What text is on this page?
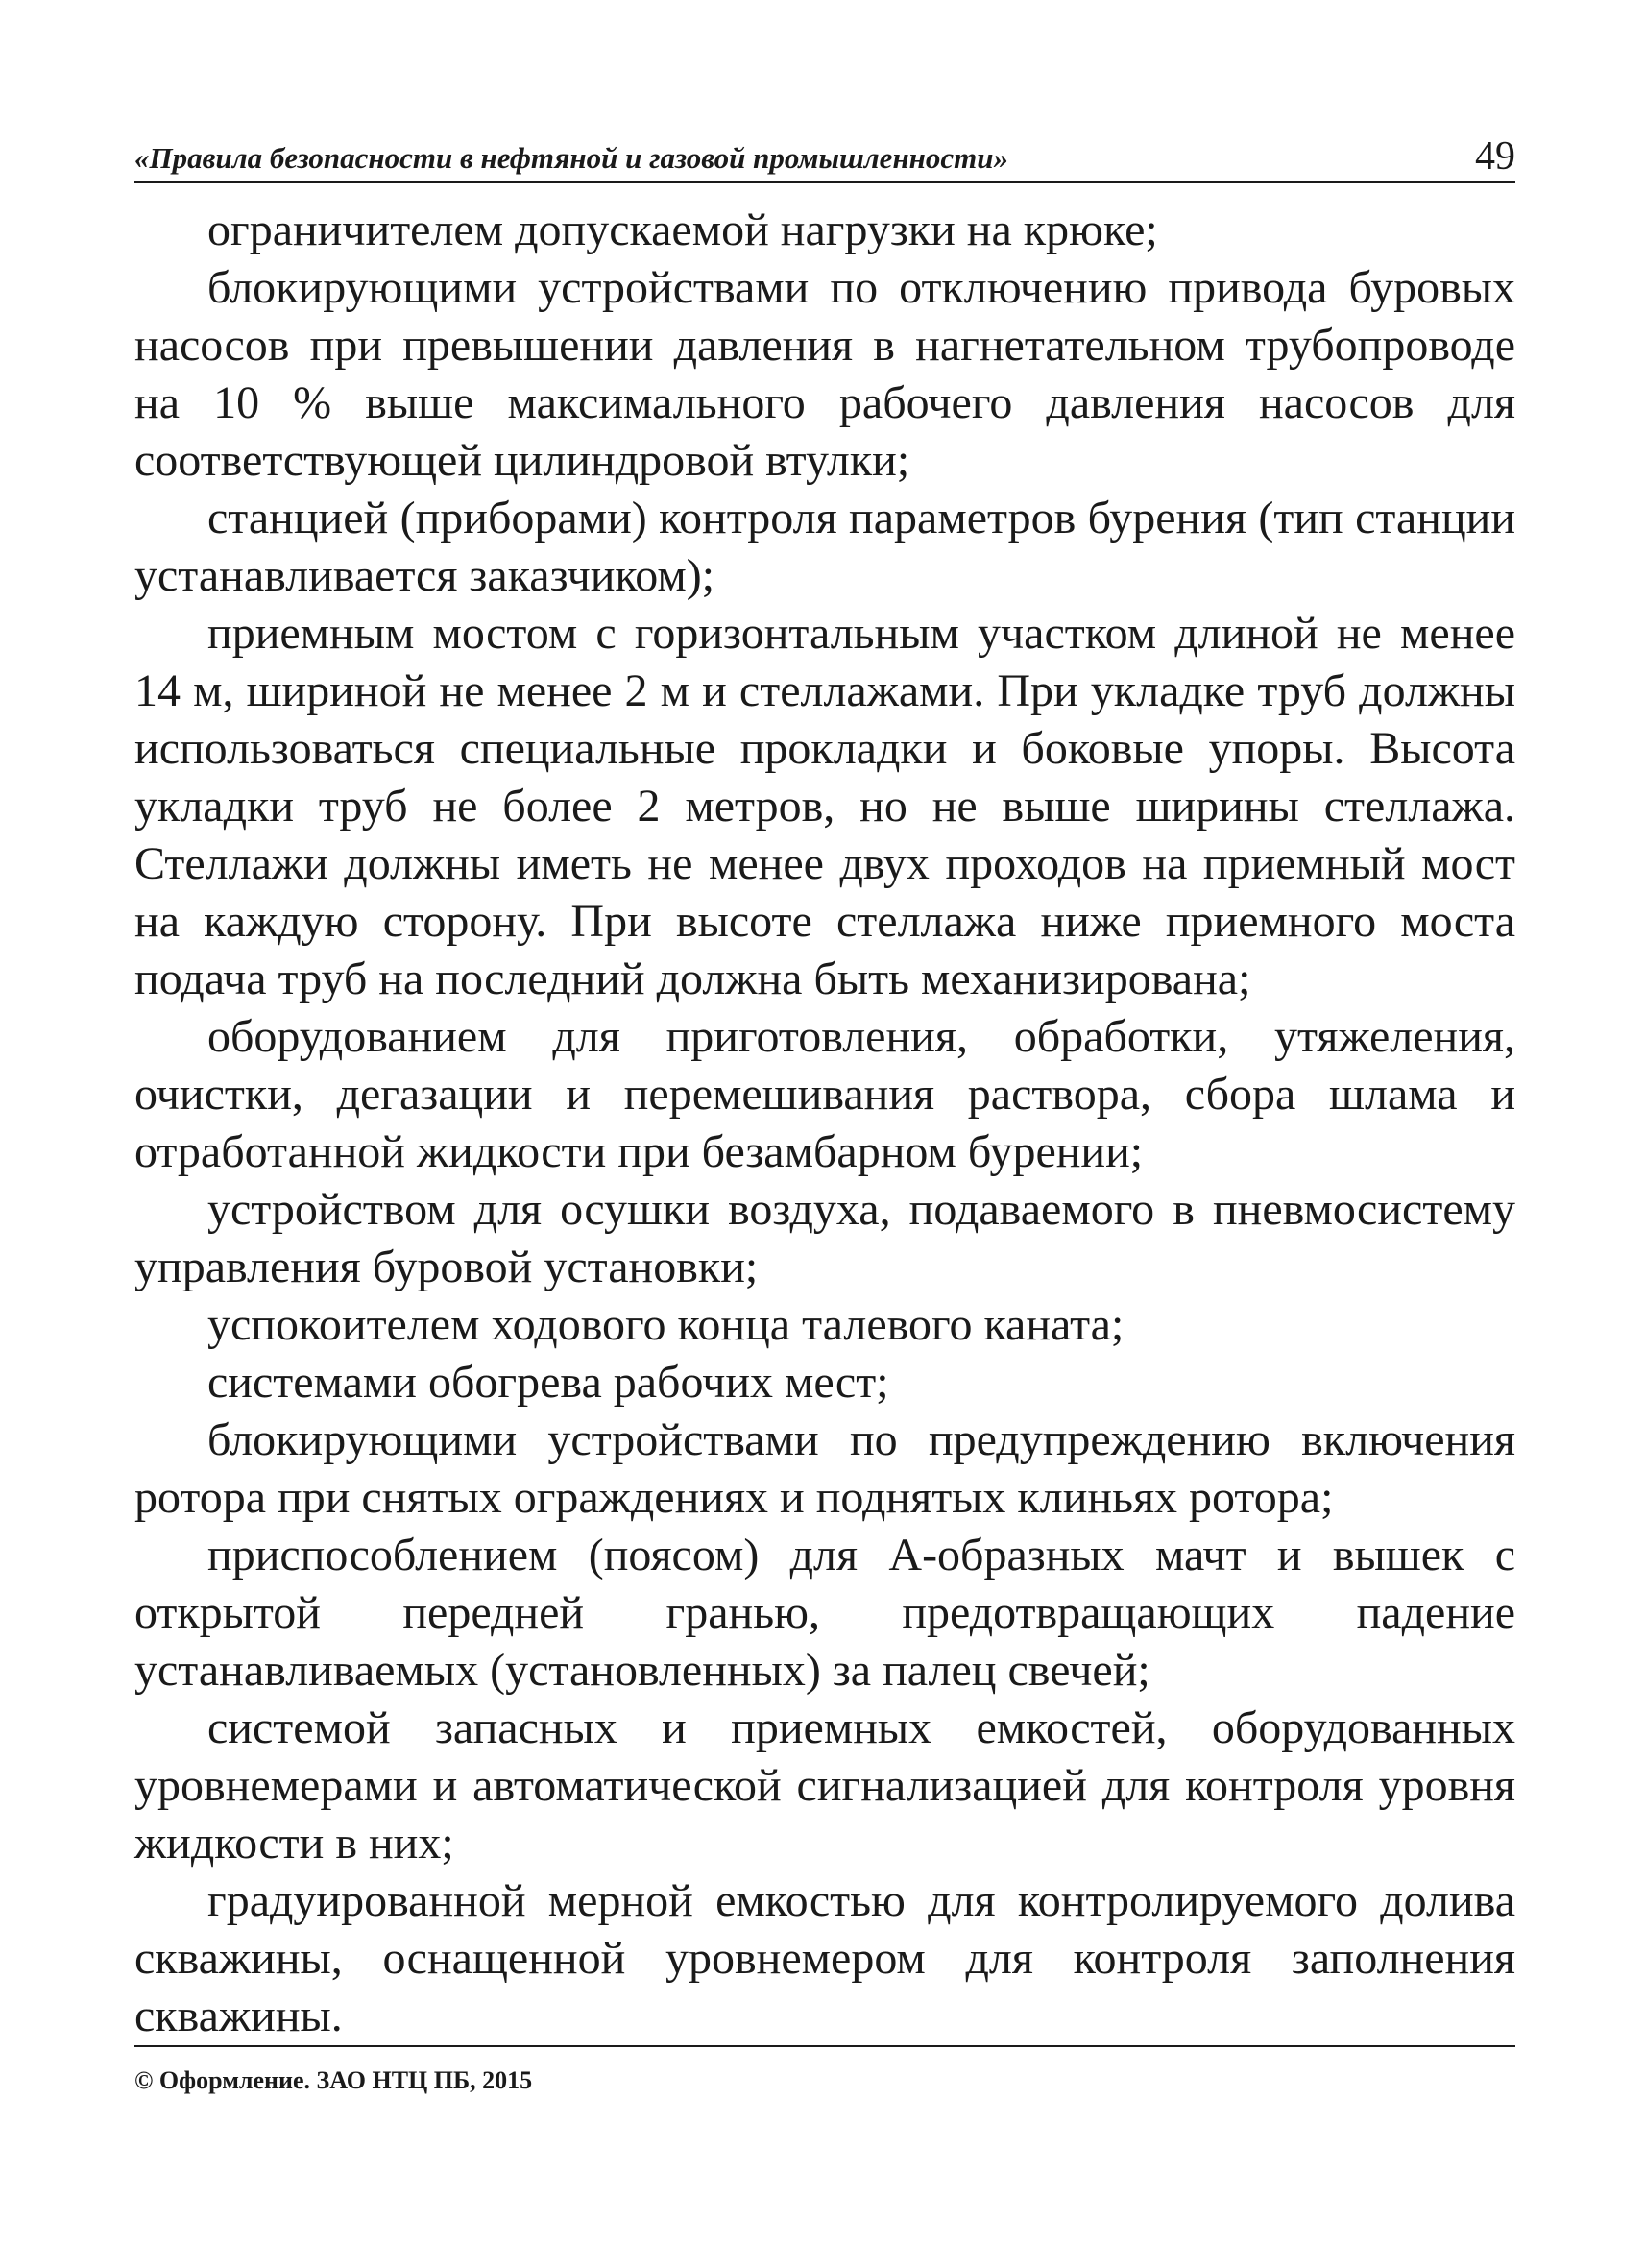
«Правила безопасности в нефтяной и газовой промышленности»	49

ограничителем допускаемой нагрузки на крюке;

блокирующими устройствами по отключению привода буровых насосов при превышении давления в нагнетательном трубопроводе на 10 % выше максимального рабочего давления насосов для соответствующей цилиндровой втулки;

станцией (приборами) контроля параметров бурения (тип станции устанавливается заказчиком);

приемным мостом с горизонтальным участком длиной не менее 14 м, шириной не менее 2 м и стеллажами. При укладке труб должны использоваться специальные прокладки и боковые упоры. Высота укладки труб не более 2 метров, но не выше ширины стеллажа. Стеллажи должны иметь не менее двух проходов на приемный мост на каждую сторону. При высоте стеллажа ниже приемного моста подача труб на последний должна быть механизирована;

оборудованием для приготовления, обработки, утяжеления, очистки, дегазации и перемешивания раствора, сбора шлама и отработанной жидкости при безамбарном бурении;

устройством для осушки воздуха, подаваемого в пневмосистему управления буровой установки;

успокоителем ходового конца талевого каната;

системами обогрева рабочих мест;

блокирующими устройствами по предупреждению включения ротора при снятых ограждениях и поднятых клиньях ротора;

приспособлением (поясом) для А-образных мачт и вышек с открытой передней гранью, предотвращающих падение устанавливаемых (установленных) за палец свечей;

системой запасных и приемных емкостей, оборудованных уровнемерами и автоматической сигнализацией для контроля уровня жидкости в них;

градуированной мерной емкостью для контролируемого долива скважины, оснащенной уровнемером для контроля заполнения скважины.

© Оформление. ЗАО НТЦ ПБ, 2015
